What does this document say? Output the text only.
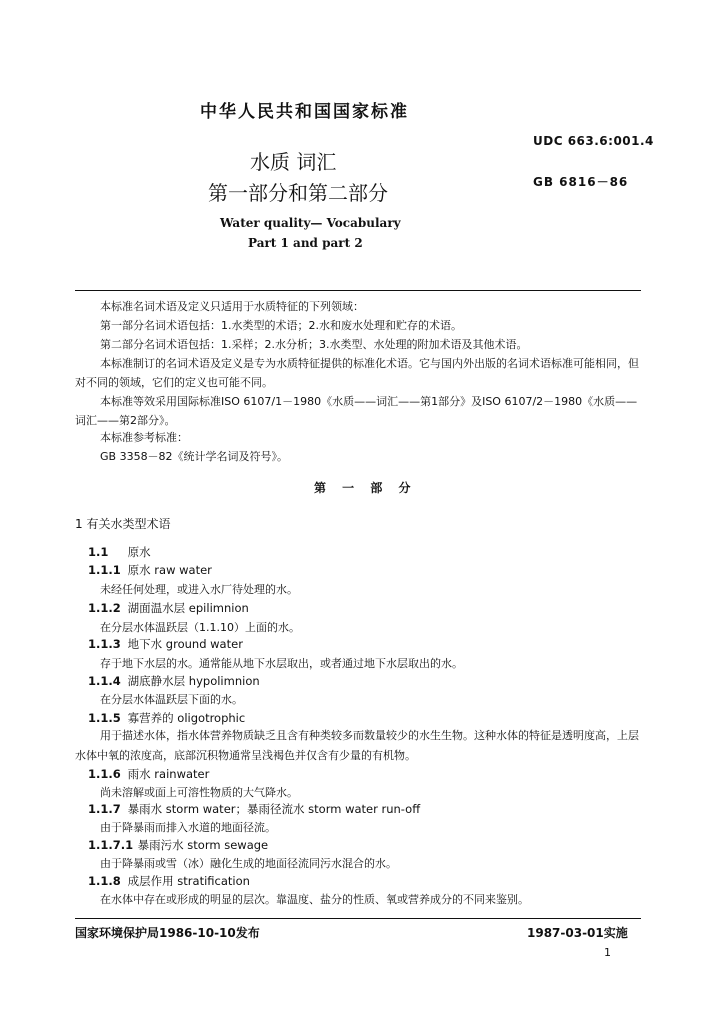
中华人民共和国国家标准
UDC 663.6:001.4
GB 6816－86
水质 词汇
第一部分和第二部分
Water quality— Vocabulary
Part 1 and part 2
本标准名词术语及定义只适用于水质特征的下列领域：
第一部分名词术语包括：1.水类型的术语；2.水和废水处理和贮存的术语。
第二部分名词术语包括：1.采样；2.水分析；3.水类型、水处理的附加术语及其他术语。
本标准制订的名词术语及定义是专为水质特征提供的标准化术语。它与国内外出版的名词术语标准可能相同，但对不同的领域，它们的定义也可能不同。
本标准等效采用国际标准ISO 6107/1－1980《水质——词汇——第1部分》及ISO 6107/2－1980《水质——词汇——第2部分》。
本标准参考标准：
GB 3358－82《统计学名词及符号》。
第 一 部 分
1 有关水类型术语
1.1 原水
1.1.1 原水 raw water
未经任何处理，或进入水厂待处理的水。
1.1.2 湖面温水层 epilimnion
在分层水体温跃层（1.1.10）上面的水。
1.1.3 地下水 ground water
存于地下水层的水。通常能从地下水层取出，或者通过地下水层取出的水。
1.1.4 湖底静水层 hypolimnion
在分层水体温跃层下面的水。
1.1.5 寡营养的 oligotrophic
用于描述水体，指水体营养物质缺乏且含有种类较多而数量较少的水生生物。这种水体的特征是透明度高，上层水体中氧的浓度高，底部沉积物通常呈浅褐色并仅含有少量的有机物。
1.1.6 雨水 rainwater
尚未溶解或面上可溶性物质的大气降水。
1.1.7 暴雨水 storm water；暴雨径流水 storm water run-off
由于降暴雨而排入水道的地面径流。
1.1.7.1 暴雨污水 storm sewage
由于降暴雨或雪（冰）融化生成的地面径流同污水混合的水。
1.1.8 成层作用 stratification
在水体中存在或形成的明显的层次。靠温度、盐分的性质、氧或营养成分的不同来鉴别。
国家环境保护局1986-10-10发布	1987-03-01实施
1
